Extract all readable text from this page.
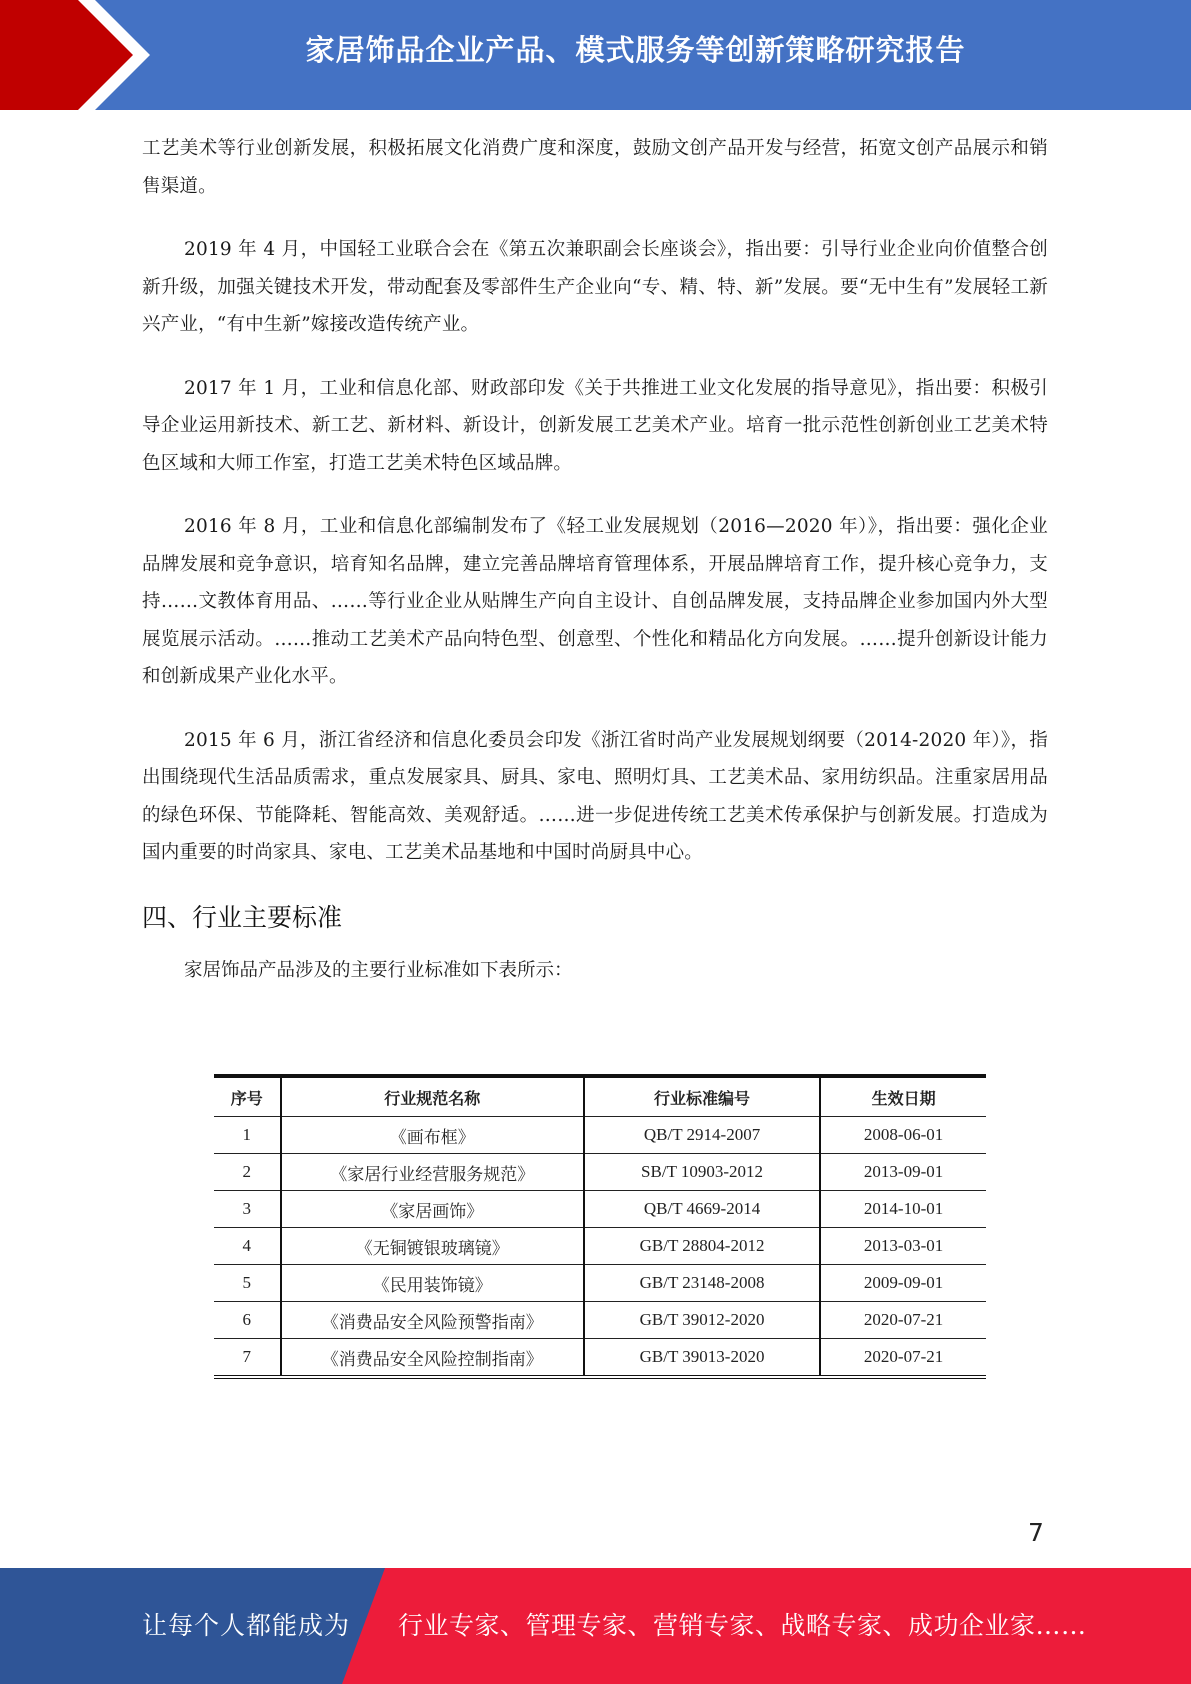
家居饰品企业产品、模式服务等创新策略研究报告

工艺美术等行业创新发展，积极拓展文化消费广度和深度，鼓励文创产品开发与经营，拓宽文创产品展示和销售渠道。

2019 年 4 月，中国轻工业联合会在《第五次兼职副会长座谈会》，指出要：引导行业企业向价值整合创新升级，加强关键技术开发，带动配套及零部件生产企业向“专、精、特、新”发展。要“无中生有”发展轻工新兴产业，“有中生新”嫁接改造传统产业。

2017 年 1 月，工业和信息化部、财政部印发《关于共推进工业文化发展的指导意见》，指出要：积极引导企业运用新技术、新工艺、新材料、新设计，创新发展工艺美术产业。培育一批示范性创新创业工艺美术特色区域和大师工作室，打造工艺美术特色区域品牌。

2016 年 8 月，工业和信息化部编制发布了《轻工业发展规划（2016—2020 年）》，指出要：强化企业品牌发展和竞争意识，培育知名品牌，建立完善品牌培育管理体系，开展品牌培育工作，提升核心竞争力，支持……文教体育用品、……等行业企业从贴牌生产向自主设计、自创品牌发展，支持品牌企业参加国内外大型展览展示活动。……推动工艺美术产品向特色型、创意型、个性化和精品化方向发展。……提升创新设计能力和创新成果产业化水平。

2015 年 6 月，浙江省经济和信息化委员会印发《浙江省时尚产业发展规划纲要（2014-2020 年）》，指出围绕现代生活品质需求，重点发展家具、厨具、家电、照明灯具、工艺美术品、家用纺织品。注重家居用品的绿色环保、节能降耗、智能高效、美观舒适。……进一步促进传统工艺美术传承保护与创新发展。打造成为国内重要的时尚家具、家电、工艺美术品基地和中国时尚厨具中心。

四、行业主要标准

家居饰品产品涉及的主要行业标准如下表所示：

序号	行业规范名称	行业标准编号	生效日期
1	《画布框》	QB/T 2914-2007	2008-06-01
2	《家居行业经营服务规范》	SB/T 10903-2012	2013-09-01
3	《家居画饰》	QB/T 4669-2014	2014-10-01
4	《无铜镀银玻璃镜》	GB/T 28804-2012	2013-03-01
5	《民用装饰镜》	GB/T 23148-2008	2009-09-01
6	《消费品安全风险预警指南》	GB/T 39012-2020	2020-07-21
7	《消费品安全风险控制指南》	GB/T 39013-2020	2020-07-21
7
让每个人都能成为 行业专家、管理专家、营销专家、战略专家、成功企业家……
